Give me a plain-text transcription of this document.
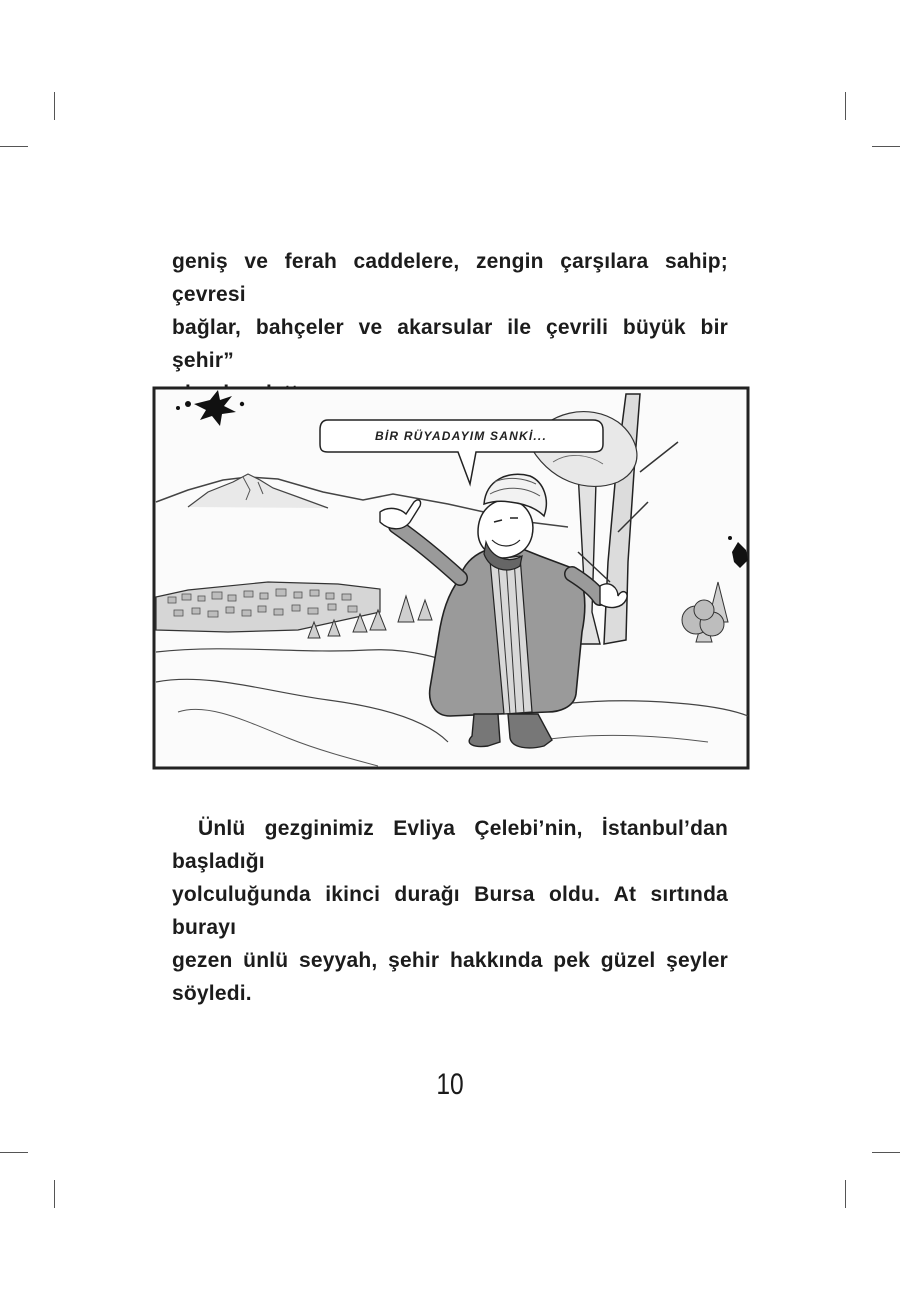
geniş ve ferah caddelere, zengin çarşılara sahip; çevresi
bağlar, bahçeler ve akarsular ile çevrili büyük bir şehir”

BİR RÜYADAYIM SANKİ...

Ünlü gezginimiz Evliya Çelebi’nin, İstanbul’dan başladığı
yolculuğunda ikinci durağı Bursa oldu. At sırtında burayı
gezen ünlü seyyah, şehir hakkında pek güzel şeyler söyledi.

10
